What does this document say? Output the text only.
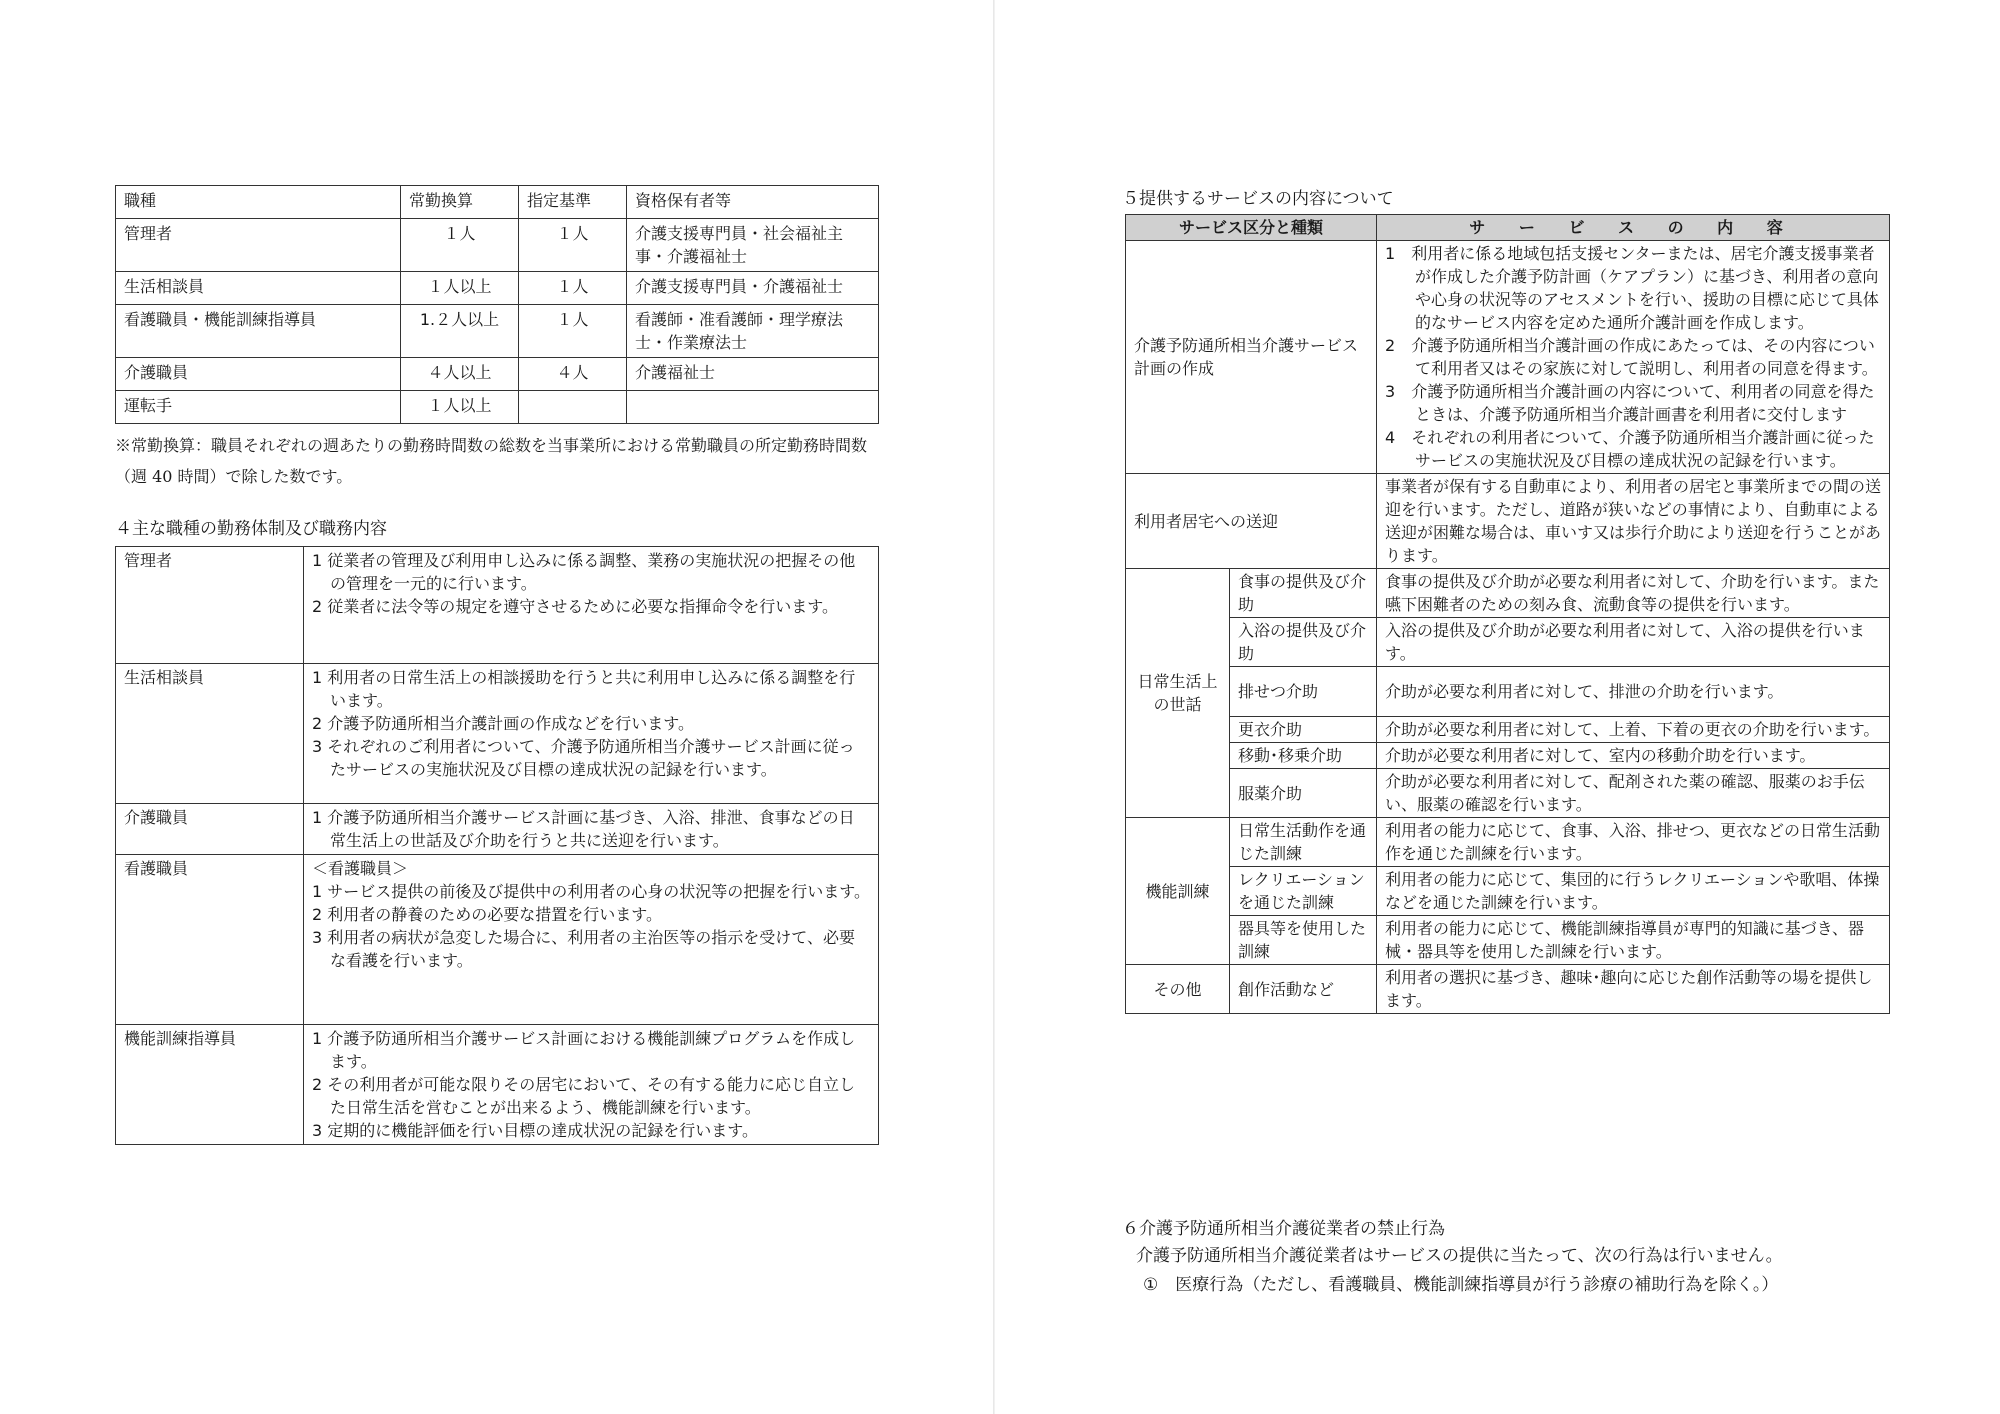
職種	常勤換算	指定基準	資格保有者等
管理者	１人	１人	介護支援専門員・社会福祉主事・介護福祉士
生活相談員	１人以上	１人	介護支援専門員・介護福祉士
看護職員・機能訓練指導員	1.２人以上	１人	看護師・准看護師・理学療法士・作業療法士
介護職員	４人以上	４人	介護福祉士
運転手	１人以上		
※常勤換算：職員それぞれの週あたりの勤務時間数の総数を当事業所における常勤職員の所定勤務時間数（週 40 時間）で除した数です。
４主な職種の勤務体制及び職務内容
管理者	1 従業者の管理及び利用申し込みに係る調整、業務の実施状況の把握その他の管理を一元的に行います。
2 従業者に法令等の規定を遵守させるために必要な指揮命令を行います。

生活相談員	1 利用者の日常生活上の相談援助を行うと共に利用申し込みに係る調整を行います。
2 介護予防通所相当介護計画の作成などを行います。
3 それぞれのご利用者について、介護予防通所相当介護サービス計画に従ったサービスの実施状況及び目標の達成状況の記録を行います。

介護職員	1 介護予防通所相当介護サービス計画に基づき、入浴、排泄、食事などの日常生活上の世話及び介助を行うと共に送迎を行います。

看護職員	＜看護職員＞
1 サービス提供の前後及び提供中の利用者の心身の状況等の把握を行います。
2 利用者の静養のための必要な措置を行います。
3 利用者の病状が急変した場合に、利用者の主治医等の指示を受けて、必要な看護を行います。

機能訓練指導員	1 介護予防通所相当介護サービス計画における機能訓練プログラムを作成します。
2 その利用者が可能な限りその居宅において、その有する能力に応じ自立した日常生活を営むことが出来るよう、機能訓練を行います。
3 定期的に機能評価を行い目標の達成状況の記録を行います。
５提供するサービスの内容について
サービス区分と種類		サ ー ビ ス の 内 容
介護予防通所相当介護サービス計画の作成		1　利用者に係る地域包括支援センターまたは、居宅介護支援事業者が作成した介護予防計画（ケアプラン）に基づき、利用者の意向や心身の状況等のアセスメントを行い、援助の目標に応じて具体的なサービス内容を定めた通所介護計画を作成します。
2　介護予防通所相当介護計画の作成にあたっては、その内容について利用者又はその家族に対して説明し、利用者の同意を得ます。
3　介護予防通所相当介護計画の内容について、利用者の同意を得たときは、介護予防通所相当介護計画書を利用者に交付します
4　それぞれの利用者について、介護予防通所相当介護計画に従ったサービスの実施状況及び目標の達成状況の記録を行います。

利用者居宅への送迎		事業者が保有する自動車により、利用者の居宅と事業所までの間の送迎を行います。ただし、道路が狭いなどの事情により、自動車による送迎が困難な場合は、車いす又は歩行介助により送迎を行うことがあります。
日常生活上の世話	食事の提供及び介助	食事の提供及び介助が必要な利用者に対して、介助を行います。また嚥下困難者のための刻み食、流動食等の提供を行います。
	入浴の提供及び介助	入浴の提供及び介助が必要な利用者に対して、入浴の提供を行います。
	排せつ介助	介助が必要な利用者に対して、排泄の介助を行います。
	更衣介助	介助が必要な利用者に対して、上着、下着の更衣の介助を行います。
	移動･移乗介助	介助が必要な利用者に対して、室内の移動介助を行います。
	服薬介助	介助が必要な利用者に対して、配剤された薬の確認、服薬のお手伝い、服薬の確認を行います。
機能訓練	日常生活動作を通じた訓練	利用者の能力に応じて、食事、入浴、排せつ、更衣などの日常生活動作を通じた訓練を行います。
	レクリエーションを通じた訓練	利用者の能力に応じて、集団的に行うレクリエーションや歌唱、体操などを通じた訓練を行います。
	器具等を使用した訓練	利用者の能力に応じて、機能訓練指導員が専門的知識に基づき、器械・器具等を使用した訓練を行います。
その他	創作活動など	利用者の選択に基づき、趣味･趣向に応じた創作活動等の場を提供します。
６介護予防通所相当介護従業者の禁止行為
介護予防通所相当介護従業者はサービスの提供に当たって、次の行為は行いません。
①　医療行為（ただし、看護職員、機能訓練指導員が行う診療の補助行為を除く。）
